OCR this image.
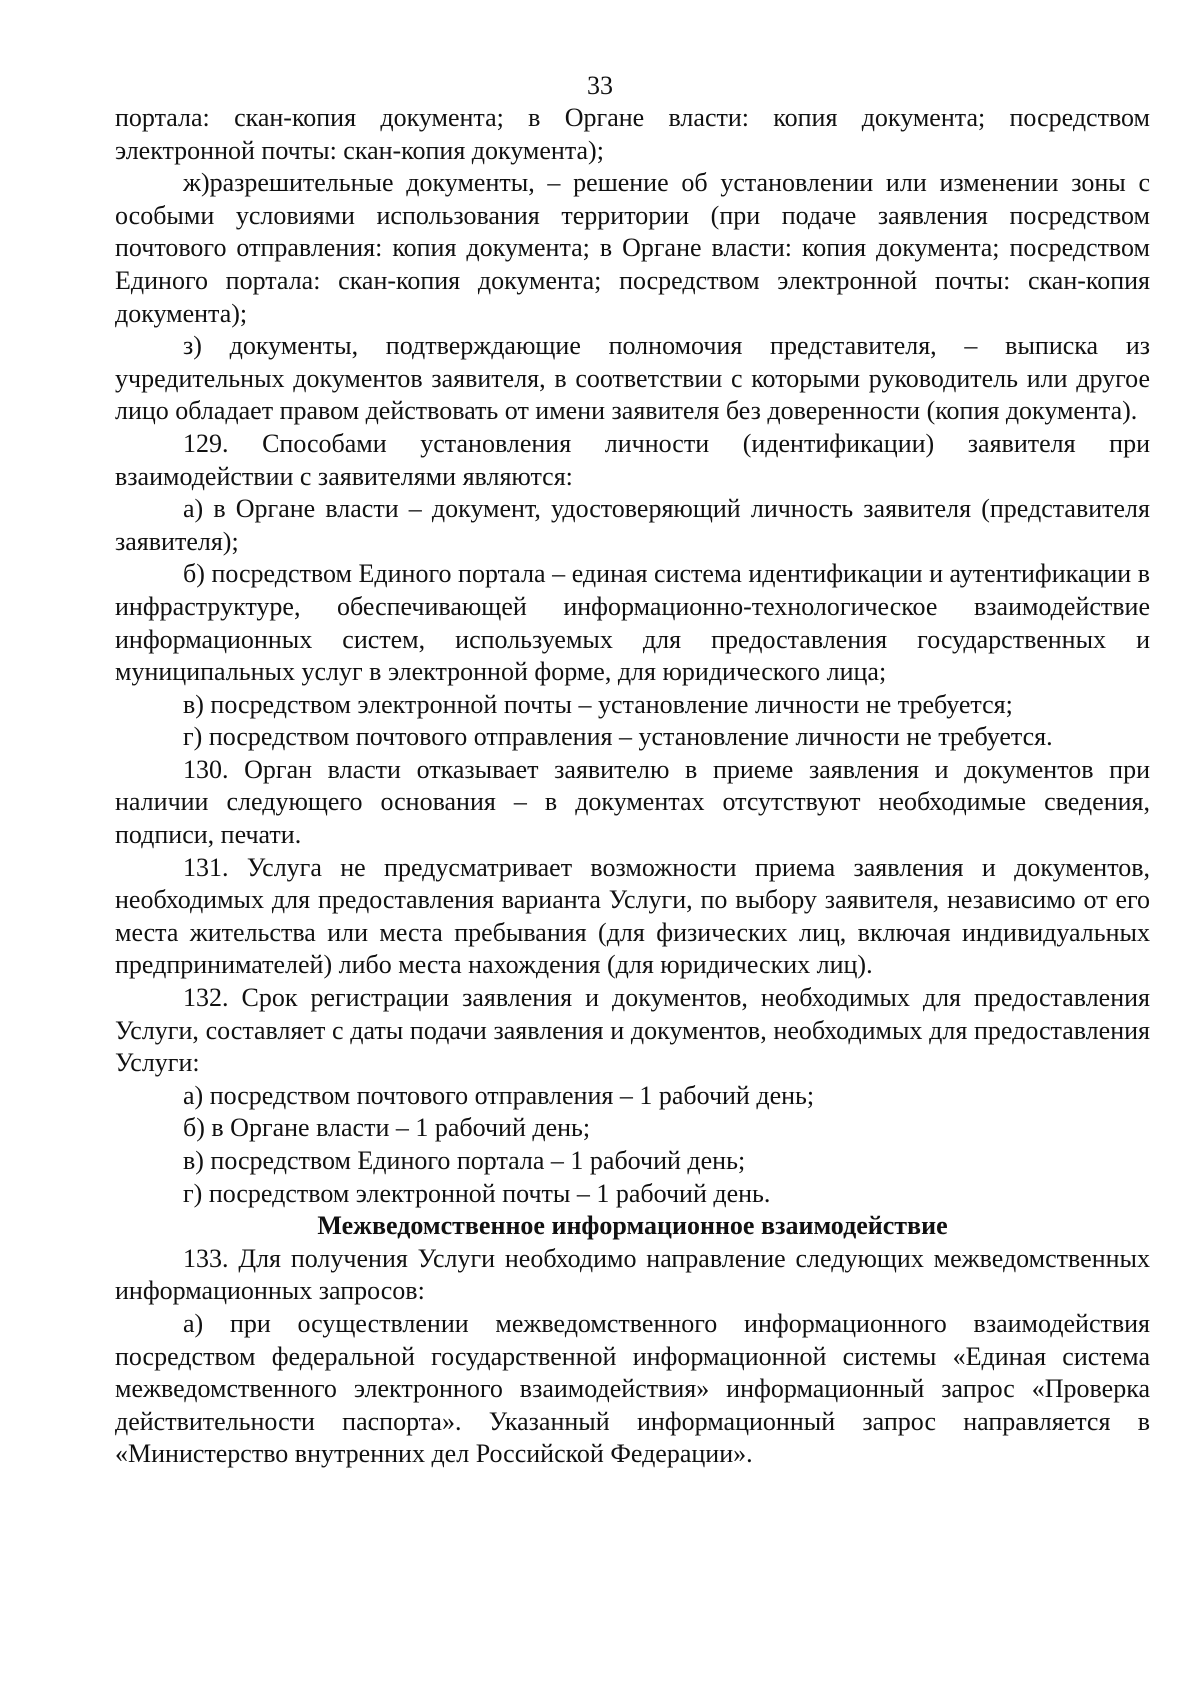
33

портала: скан-копия документа; в Органе власти: копия документа; посредством электронной почты: скан-копия документа);

ж)разрешительные документы, – решение об установлении или изменении зоны с особыми условиями использования территории (при подаче заявления посредством почтового отправления: копия документа; в Органе власти: копия документа; посредством Единого портала: скан-копия документа; посредством электронной почты: скан-копия документа);

з) документы, подтверждающие полномочия представителя, – выписка из учредительных документов заявителя, в соответствии с которыми руководитель или другое лицо обладает правом действовать от имени заявителя без доверенности (копия документа).

129. Способами установления личности (идентификации) заявителя при взаимодействии с заявителями являются:

а) в Органе власти – документ, удостоверяющий личность заявителя (представителя заявителя);

б) посредством Единого портала – единая система идентификации и аутентификации в инфраструктуре, обеспечивающей информационно-технологическое взаимодействие информационных систем, используемых для предоставления государственных и муниципальных услуг в электронной форме, для юридического лица;

в) посредством электронной почты – установление личности не требуется;

г) посредством почтового отправления – установление личности не требуется.

130. Орган власти отказывает заявителю в приеме заявления и документов при наличии следующего основания – в документах отсутствуют необходимые сведения, подписи, печати.

131. Услуга не предусматривает возможности приема заявления и документов, необходимых для предоставления варианта Услуги, по выбору заявителя, независимо от его места жительства или места пребывания (для физических лиц, включая индивидуальных предпринимателей) либо места нахождения (для юридических лиц).

132. Срок регистрации заявления и документов, необходимых для предоставления Услуги, составляет с даты подачи заявления и документов, необходимых для предоставления Услуги:

а) посредством почтового отправления – 1 рабочий день;

б) в Органе власти – 1 рабочий день;

в) посредством Единого портала – 1 рабочий день;

г) посредством электронной почты – 1 рабочий день.

Межведомственное информационное взаимодействие

133. Для получения Услуги необходимо направление следующих межведомственных информационных запросов:

а) при осуществлении межведомственного информационного взаимодействия посредством федеральной государственной информационной системы «Единая система межведомственного электронного взаимодействия» информационный запрос «Проверка действительности паспорта». Указанный информационный запрос направляется в «Министерство внутренних дел Российской Федерации».
